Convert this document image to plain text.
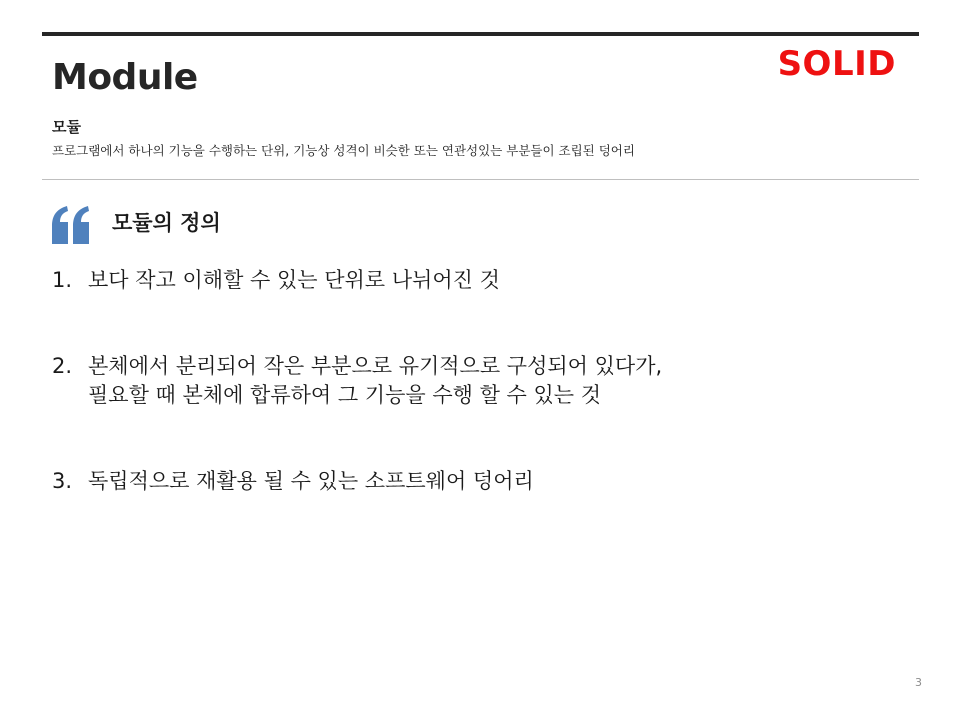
Module	SOLID
모듈
프로그램에서 하나의 기능을 수행하는 단위, 기능상 성격이 비슷한 또는 연관성있는 부분들이 조립된 덩어리
모듈의 정의
1. 보다 작고 이해할 수 있는 단위로 나뉘어진 것
2. 본체에서 분리되어 작은 부분으로 유기적으로 구성되어 있다가,
필요할 때 본체에 합류하여 그 기능을 수행 할 수 있는 것
3. 독립적으로 재활용 될 수 있는 소프트웨어 덩어리
3
